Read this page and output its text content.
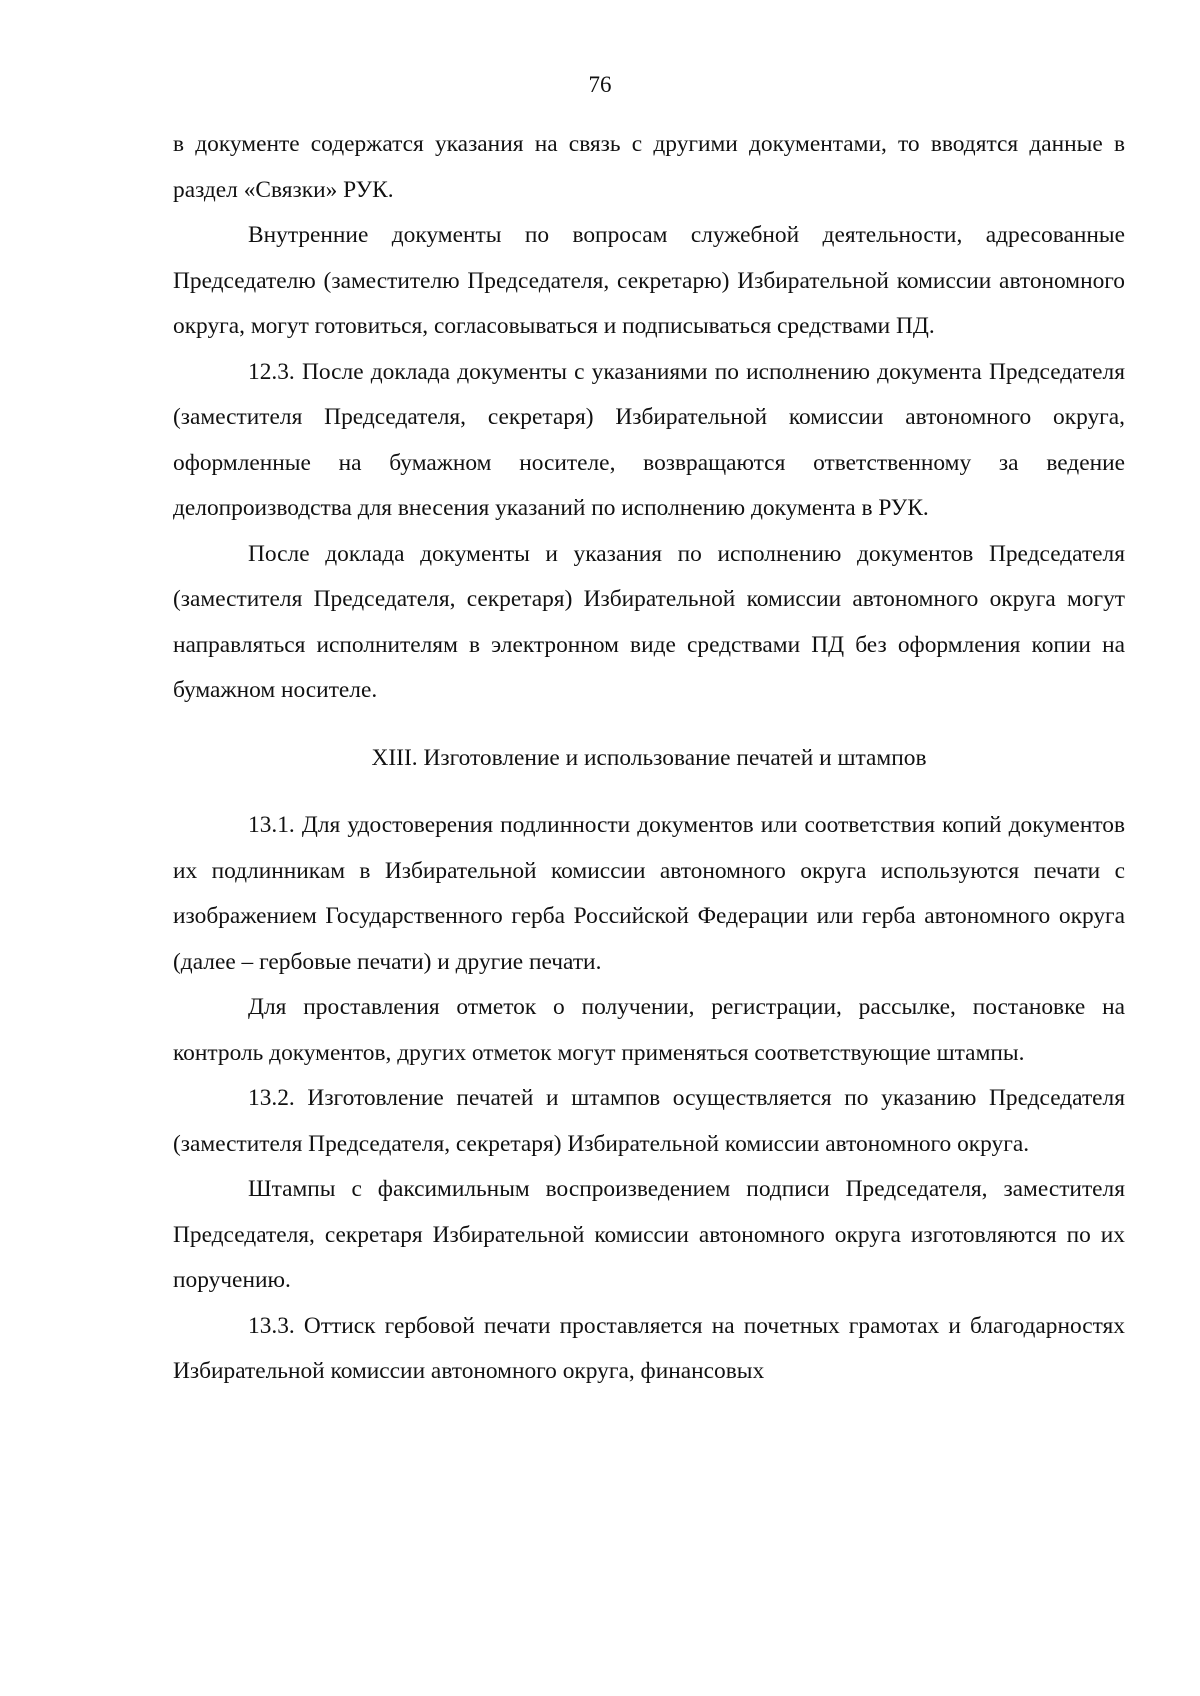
76

в документе содержатся указания на связь с другими документами, то вводятся данные в раздел «Связки» РУК.

Внутренние документы по вопросам служебной деятельности, адресованные Председателю (заместителю Председателя, секретарю) Избирательной комиссии автономного округа, могут готовиться, согласовываться и подписываться средствами ПД.

12.3. После доклада документы с указаниями по исполнению документа Председателя (заместителя Председателя, секретаря) Избирательной комиссии автономного округа, оформленные на бумажном носителе, возвращаются ответственному за ведение делопроизводства для внесения указаний по исполнению документа в РУК.

После доклада документы и указания по исполнению документов Председателя (заместителя Председателя, секретаря) Избирательной комиссии автономного округа могут направляться исполнителям в электронном виде средствами ПД без оформления копии на бумажном носителе.

XIII. Изготовление и использование печатей и штампов

13.1. Для удостоверения подлинности документов или соответствия копий документов их подлинникам в Избирательной комиссии автономного округа используются печати с изображением Государственного герба Российской Федерации или герба автономного округа (далее – гербовые печати) и другие печати.

Для проставления отметок о получении, регистрации, рассылке, постановке на контроль документов, других отметок могут применяться соответствующие штампы.

13.2. Изготовление печатей и штампов осуществляется по указанию Председателя (заместителя Председателя, секретаря) Избирательной комиссии автономного округа.

Штампы с факсимильным воспроизведением подписи Председателя, заместителя Председателя, секретаря Избирательной комиссии автономного округа изготовляются по их поручению.

13.3. Оттиск гербовой печати проставляется на почетных грамотах и благодарностях Избирательной комиссии автономного округа, финансовых
